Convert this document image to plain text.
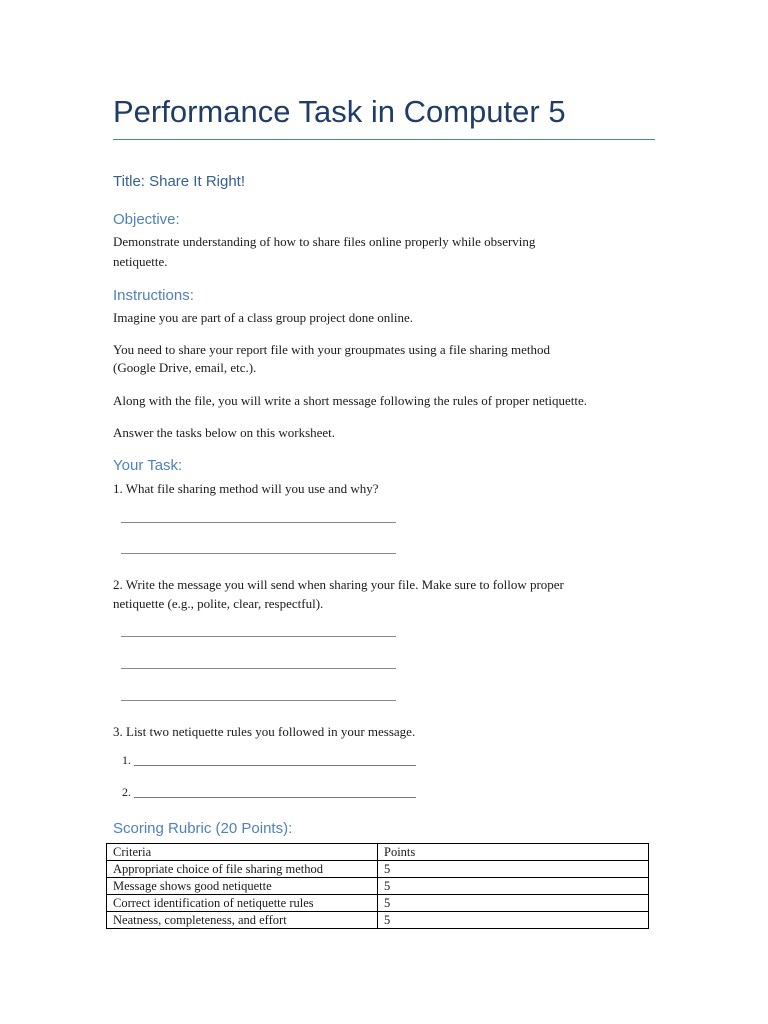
Performance Task in Computer 5
Title: Share It Right!
Objective:
Demonstrate understanding of how to share files online properly while observing
netiquette.
Instructions:
Imagine you are part of a class group project done online.
You need to share your report file with your groupmates using a file sharing method
(Google Drive, email, etc.).
Along with the file, you will write a short message following the rules of proper netiquette.
Answer the tasks below on this worksheet.
Your Task:
1. What file sharing method will you use and why?
__________________________________________________
__________________________________________________
2. Write the message you will send when sharing your file. Make sure to follow proper
netiquette (e.g., polite, clear, respectful).
__________________________________________________
__________________________________________________
__________________________________________________
3. List two netiquette rules you followed in your message.
1. _______________________________________________
2. _______________________________________________
Scoring Rubric (20 Points):
Criteria	Points
Appropriate choice of file sharing method	5
Message shows good netiquette	5
Correct identification of netiquette rules	5
Neatness, completeness, and effort	5
